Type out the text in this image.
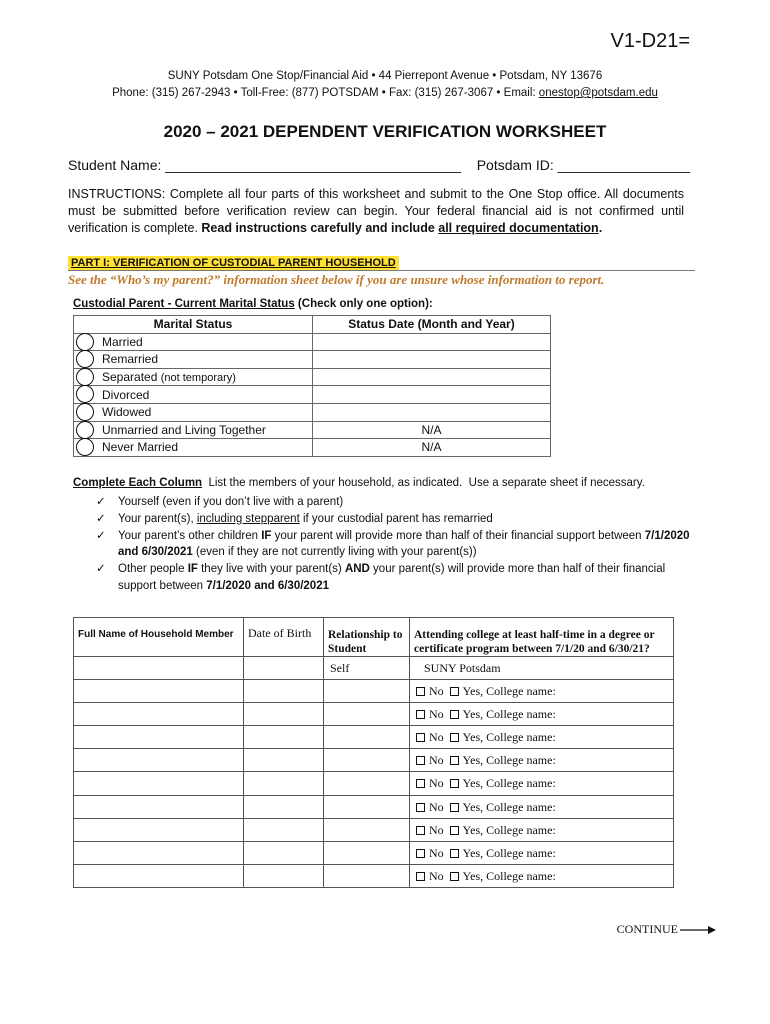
V1-D21=
SUNY Potsdam One Stop/Financial Aid • 44 Pierrepont Avenue • Potsdam, NY 13676
Phone: (315) 267-2943 • Toll-Free: (877) POTSDAM • Fax: (315) 267-3067 • Email: onestop@potsdam.edu
2020 – 2021 DEPENDENT VERIFICATION WORKSHEET
Student Name: ______________________________________    Potsdam ID: _________________
INSTRUCTIONS: Complete all four parts of this worksheet and submit to the One Stop office. All documents must be submitted before verification review can begin. Your federal financial aid is not confirmed until verification is complete. Read instructions carefully and include all required documentation.
PART I: VERIFICATION OF CUSTODIAL PARENT HOUSEHOLD
See the “Who’s my parent?” information sheet below if you are unsure whose information to report.
Custodial Parent - Current Marital Status (Check only one option):
Marital Status	Status Date (Month and Year)

Married	

Remarried	

Separated (not temporary)	

Divorced	

Widowed	

Unmarried and Living Together	N/A

Never Married	N/A
Complete Each Column  List the members of your household, as indicated.  Use a separate sheet if necessary.
✓ Yourself (even if you don’t live with a parent)
✓ Your parent(s), including stepparent if your custodial parent has remarried
✓ Your parent’s other children IF your parent will provide more than half of their financial support between 7/1/2020 and 6/30/2021 (even if they are not currently living with your parent(s))
✓ Other people IF they live with your parent(s) AND your parent(s) will provide more than half of their financial support between 7/1/2020 and 6/30/2021
Full Name of Household Member	Date of Birth	Relationship to Student	Attending college at least half-time in a degree or certificate program between 7/1/20 and 6/30/21?
		Self	SUNY Potsdam
			No Yes, College name:
			No Yes, College name:
			No Yes, College name:
			No Yes, College name:
			No Yes, College name:
			No Yes, College name:
			No Yes, College name:
			No Yes, College name:
			No Yes, College name:
CONTINUE
